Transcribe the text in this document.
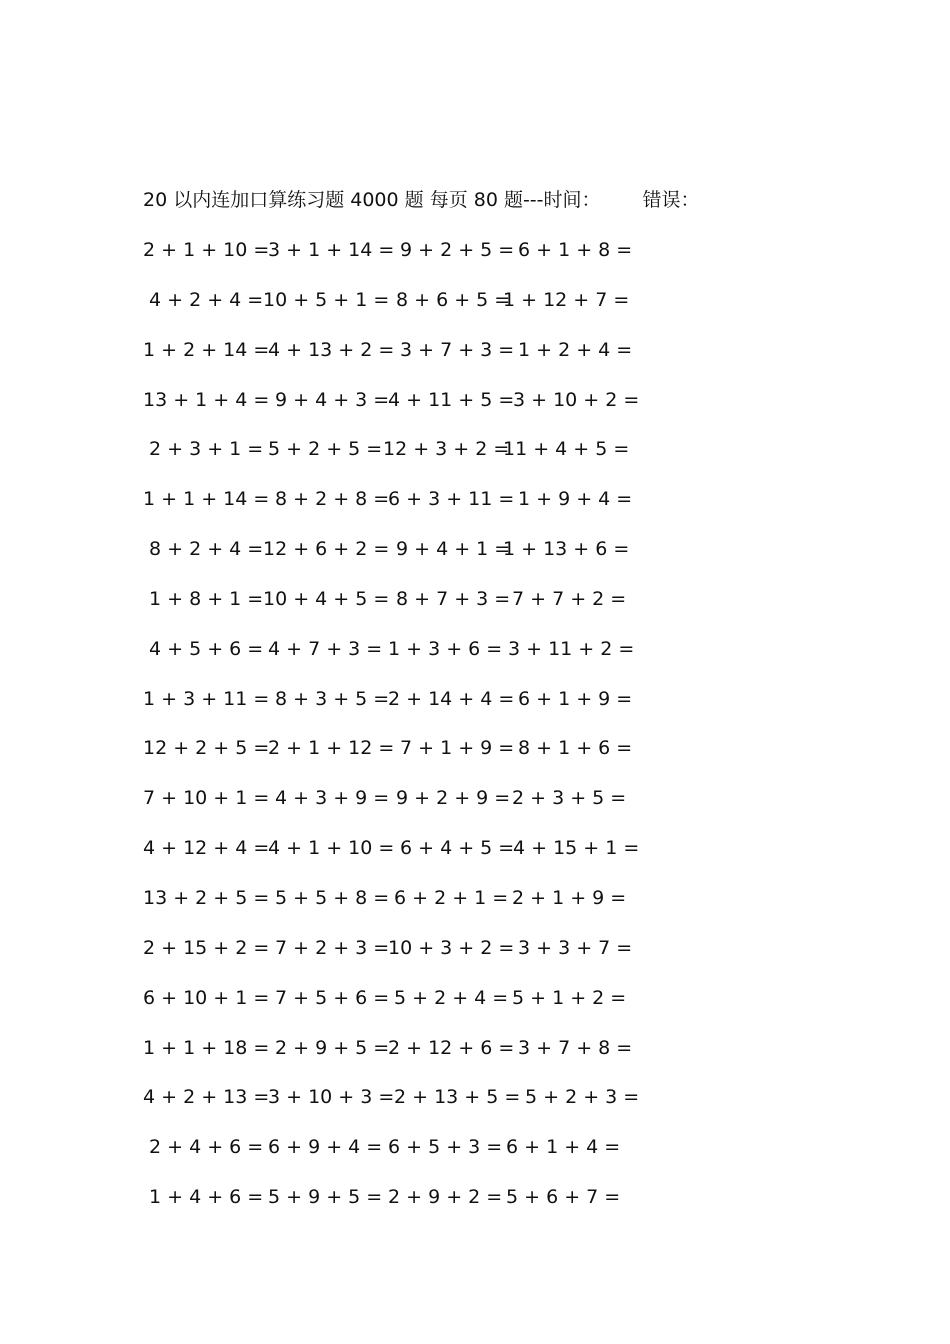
20 以内连加口算练习题 4000 题 每页 80 题---时间： 错误：
2 + 1 + 10 =
3 + 1 + 14 = 9 + 2 + 5 = 6 + 1 + 8 =
4 + 2 + 4 = 10 + 5 + 1 = 8 + 6 + 5 =
1 + 12 + 7 =
1 + 2 + 14 =
4 + 13 + 2 = 3 + 7 + 3 = 1 + 2 + 4 =
13 + 1 + 4 = 9 + 4 + 3 =
4 + 11 + 5 =
3 + 10 + 2 =
2 + 3 + 1 = 5 + 2 + 5 = 12 + 3 + 2 =
11 + 4 + 5 =
1 + 1 + 14 = 8 + 2 + 8 =
6 + 3 + 11 = 1 + 9 + 4 =
8 + 2 + 4 = 12 + 6 + 2 = 9 + 4 + 1 =
1 + 13 + 6 =
1 + 8 + 1 = 10 + 4 + 5 = 8 + 7 + 3 = 7 + 7 + 2 =
4 + 5 + 6 = 4 + 7 + 3 = 1 + 3 + 6 = 3 + 11 + 2 =
1 + 3 + 11 = 8 + 3 + 5 =
2 + 14 + 4 = 6 + 1 + 9 =
12 + 2 + 5 =
2 + 1 + 12 = 7 + 1 + 9 = 8 + 1 + 6 =
7 + 10 + 1 = 4 + 3 + 9 = 9 + 2 + 9 = 2 + 3 + 5 =
4 + 12 + 4 =
4 + 1 + 10 = 6 + 4 + 5 =
4 + 15 + 1 =
13 + 2 + 5 = 5 + 5 + 8 = 6 + 2 + 1 = 2 + 1 + 9 =
2 + 15 + 2 = 7 + 2 + 3 =
10 + 3 + 2 = 3 + 3 + 7 =
6 + 10 + 1 = 7 + 5 + 6 = 5 + 2 + 4 = 5 + 1 + 2 =
1 + 1 + 18 = 2 + 9 + 5 =
2 + 12 + 6 = 3 + 7 + 8 =
4 + 2 + 13 =
3 + 10 + 3 = 2 + 13 + 5 = 5 + 2 + 3 =
2 + 4 + 6 = 6 + 9 + 4 = 6 + 5 + 3 = 6 + 1 + 4 =
1 + 4 + 6 = 5 + 9 + 5 = 2 + 9 + 2 = 5 + 6 + 7 =
